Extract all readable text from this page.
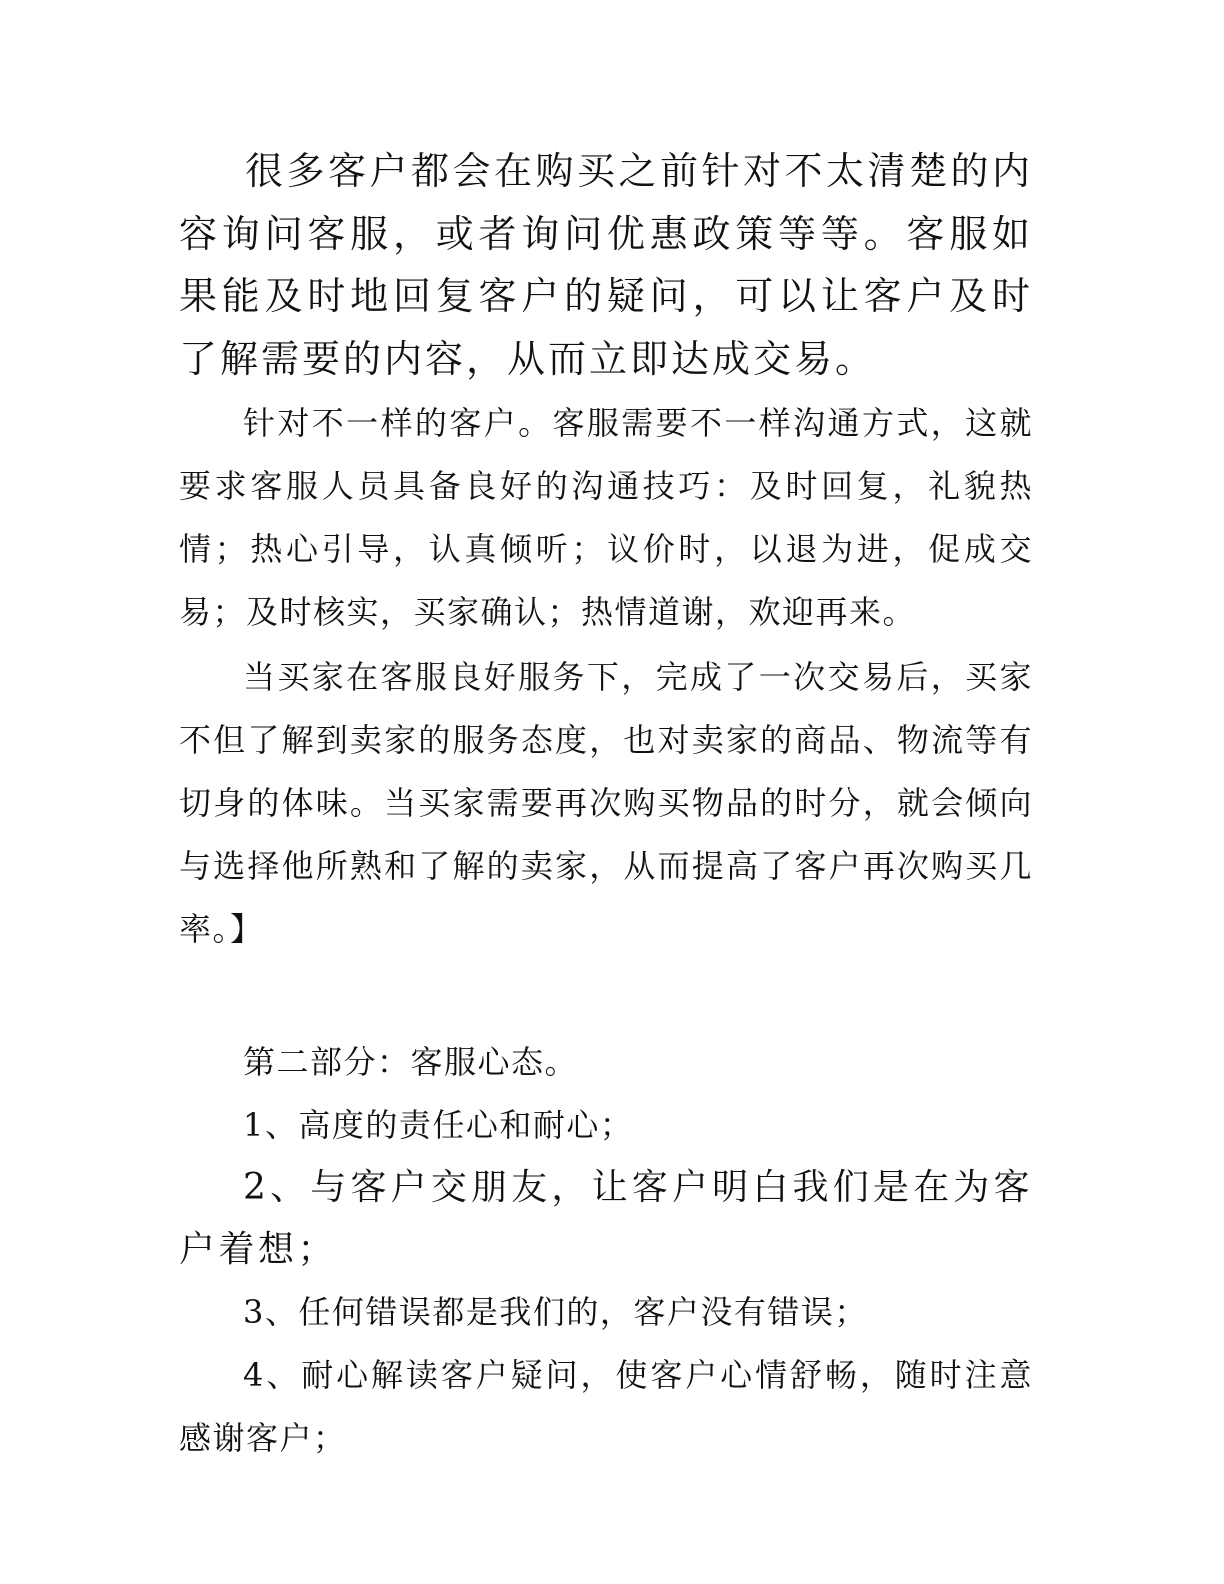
很多客户都会在购买之前针对不太清楚的内容询问客服，或者询问优惠政策等等。客服如果能及时地回复客户的疑问，可以让客户及时了解需要的内容，从而立即达成交易。

针对不一样的客户。客服需要不一样沟通方式，这就要求客服人员具备良好的沟通技巧：及时回复，礼貌热情；热心引导，认真倾听；议价时，以退为进，促成交易；及时核实，买家确认；热情道谢，欢迎再来。

当买家在客服良好服务下，完成了一次交易后，买家不但了解到卖家的服务态度，也对卖家的商品、物流等有切身的体味。当买家需要再次购买物品的时分，就会倾向与选择他所熟和了解的卖家，从而提高了客户再次购买几率。】

第二部分：客服心态。

1、高度的责任心和耐心；

2、与客户交朋友，让客户明白我们是在为客户着想；

3、任何错误都是我们的，客户没有错误；

4、耐心解读客户疑问，使客户心情舒畅，随时注意感谢客户；
